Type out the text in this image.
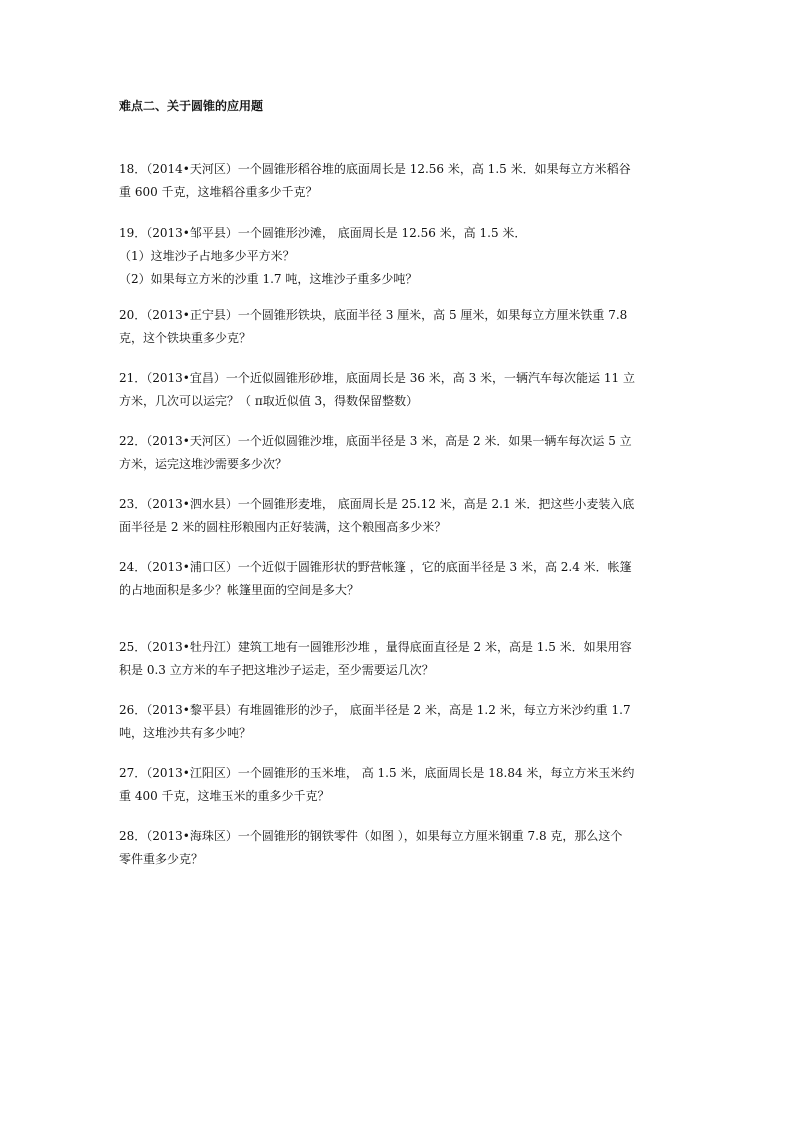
难点二、关于圆锥的应用题
18．（2014•天河区）一个圆锥形稻谷堆的底面周长是 12.56 米，高 1.5 米．如果每立方米稻谷
重 600 千克，这堆稻谷重多少千克？
19．（2013•邹平县）一个圆锥形沙滩， 底面周长是 12.56 米，高 1.5 米．
（1）这堆沙子占地多少平方米？
（2）如果每立方米的沙重 1.7 吨，这堆沙子重多少吨？
20．（2013•正宁县）一个圆锥形铁块，底面半径 3 厘米，高 5 厘米，如果每立方厘米铁重 7.8
克，这个铁块重多少克？
21．（2013•宜昌）一个近似圆锥形砂堆，底面周长是 36 米，高 3 米，一辆汽车每次能运 11 立
方米，几次可以运完？（ π取近似值 3，得数保留整数）
22．（2013•天河区）一个近似圆锥沙堆，底面半径是 3 米，高是 2 米．如果一辆车每次运 5 立
方米，运完这堆沙需要多少次？
23．（2013•泗水县）一个圆锥形麦堆， 底面周长是 25.12 米，高是 2.1 米．把这些小麦装入底
面半径是 2 米的圆柱形粮囤内正好装满，这个粮囤高多少米？
24．（2013•浦口区）一个近似于圆锥形状的野营帐篷 ，它的底面半径是 3 米，高 2.4 米．帐篷
的占地面积是多少？帐篷里面的空间是多大？
25．（2013•牡丹江）建筑工地有一圆锥形沙堆 ，量得底面直径是 2 米，高是 1.5 米．如果用容
积是 0.3 立方米的车子把这堆沙子运走，至少需要运几次？
26．（2013•黎平县）有堆圆锥形的沙子， 底面半径是 2 米，高是 1.2 米，每立方米沙约重 1.7
吨，这堆沙共有多少吨？
27．（2013•江阳区）一个圆锥形的玉米堆， 高 1.5 米，底面周长是 18.84 米，每立方米玉米约
重 400 千克，这堆玉米的重多少千克？
28．（2013•海珠区）一个圆锥形的钢铁零件（如图 ），如果每立方厘米钢重 7.8 克，那么这个
零件重多少克？
